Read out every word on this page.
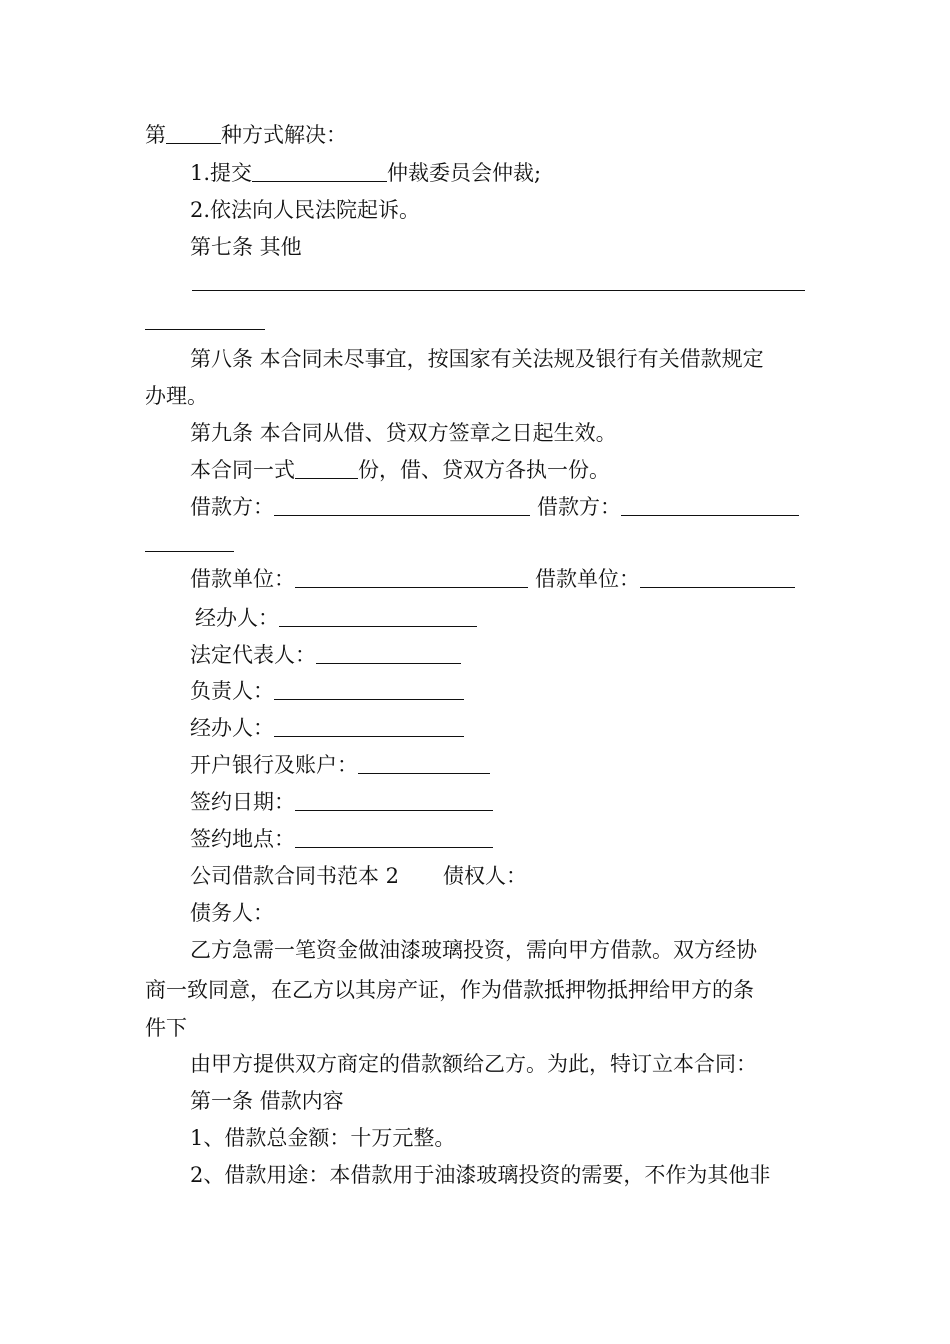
第	种方式解决：
1.提交	仲裁委员会仲裁;
2.依法向人民法院起诉。
第七条 其他
第八条 本合同未尽事宜，按国家有关法规及银行有关借款规定
办理。
第九条 本合同从借、贷双方签章之日起生效。
本合同一式	份，借、贷双方各执一份。
借款方：	借款方：
借款单位：	借款单位：
经办人：
法定代表人：
负责人：
经办人：
开户银行及账户：
签约日期：
签约地点：
公司借款合同书范本 2 债权人：
债务人：
乙方急需一笔资金做油漆玻璃投资，需向甲方借款。双方经协
商一致同意，在乙方以其房产证，作为借款抵押物抵押给甲方的条
件下
由甲方提供双方商定的借款额给乙方。为此，特订立本合同：
第一条 借款内容
1、借款总金额：十万元整。
2、借款用途：本借款用于油漆玻璃投资的需要，不作为其他非
